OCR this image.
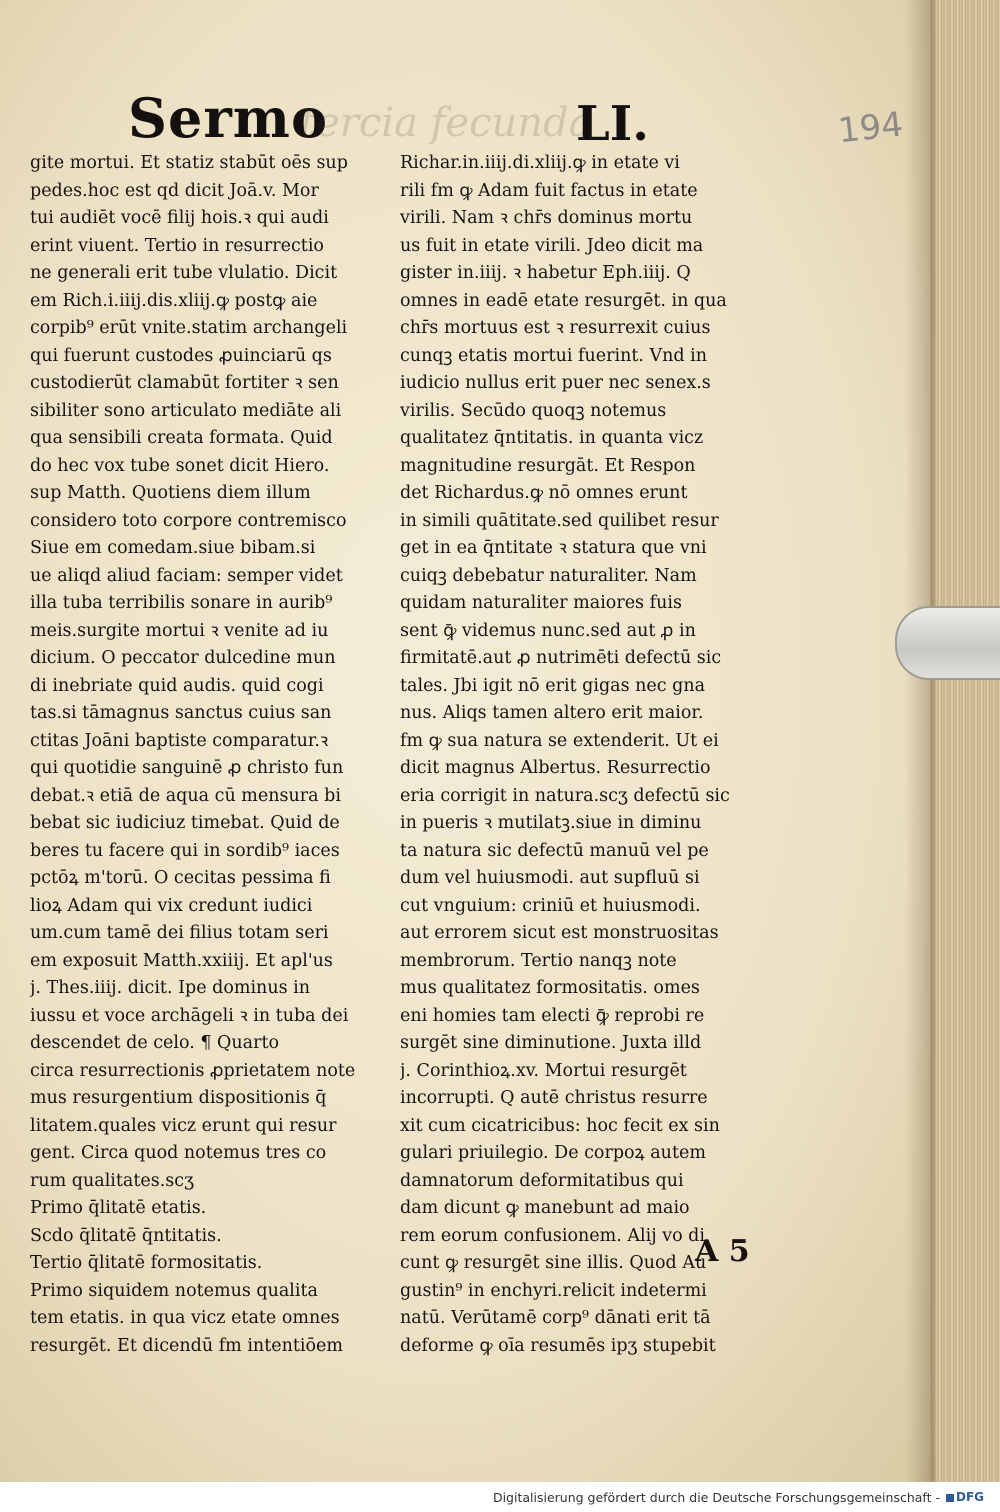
Sermo
tercia fecunda
LI.	194
gite mortui. Et statiz stabūt oēs sup
pedes.hoc est qd dicit Joā.v. Mor
tui audiēt vocē filij hois.ꝛ qui audi
erint viuent. Tertio in resurrectio
ne generali erit tube vlulatio. Dicit
em Rich.i.iiij.dis.xliij.ꝙ postꝙ aie
corpib⁹ erūt vnite.statim archangeli
qui fuerunt custodes ꝓuinciarū qs
custodierūt clamabūt fortiter ꝛ sen
sibiliter sono articulato mediāte ali
qua sensibili creata formata. Quid
do hec vox tube sonet dicit Hiero.
sup Matth. Quotiens diem illum
considero toto corpore contremisco
Siue em comedam.siue bibam.si
ue aliqd aliud faciam: semper videt
illa tuba terribilis sonare in aurib⁹
meis.surgite mortui ꝛ venite ad iu
dicium. O peccator dulcedine mun
di inebriate quid audis. quid cogi
tas.si tāmagnus sanctus cuius san
ctitas Joāni baptiste comparatur.ꝛ
qui quotidie sanguinē ꝓ christo fun
debat.ꝛ etiā de aqua cū mensura bi
bebat sic iudiciuz timebat. Quid de
beres tu facere qui in sordib⁹ iaces
pctōꝝ m'torū. O cecitas pessima fi
lioꝝ Adam qui vix credunt iudici
um.cum tamē dei filius totam seri
em exposuit Matth.xxiiij. Et apl'us
j. Thes.iiij. dicit. Ipe dominus in
iussu et voce archāgeli ꝛ in tuba dei
descendet de celo. ¶ Quarto
circa resurrectionis ꝓprietatem note
mus resurgentium dispositionis q̄
litatem.quales vicz erunt qui resur
gent. Circa quod notemus tres co
rum qualitates.scʒ
Primo q̄litatē etatis.
Scdo q̄litatē q̄ntitatis.
Tertio q̄litatē formositatis.
Primo siquidem notemus qualita
tem etatis. in qua vicz etate omnes
resurgēt. Et dicendū fm intentiōem
Richar.in.iiij.di.xliij.ꝙ in etate vi
rili fm ꝙ Adam fuit factus in etate
virili. Nam ꝛ chr̄s dominus mortu
us fuit in etate virili. Jdeo dicit ma
gister in.iiij. ꝛ habetur Eph.iiij. Q
omnes in eadē etate resurgēt. in qua
chr̄s mortuus est ꝛ resurrexit cuius
cunqꝫ etatis mortui fuerint. Vnd in
iudicio nullus erit puer nec senex.s
virilis. Secūdo quoqꝫ notemus
qualitatez q̄ntitatis. in quanta vicz
magnitudine resurgāt. Et Respon
det Richardus.ꝙ nō omnes erunt
in simili quātitate.sed quilibet resur
get in ea q̄ntitate ꝛ statura que vni
cuiqꝫ debebatur naturaliter. Nam
quidam naturaliter maiores fuis
sent ꝙ̄ videmus nunc.sed aut ꝓ in
firmitatē.aut ꝓ nutrimēti defectū sic
tales. Jbi igit nō erit gigas nec gna
nus. Aliqs tamen altero erit maior.
fm ꝙ sua natura se extenderit. Ut ei
dicit magnus Albertus. Resurrectio
eria corrigit in natura.scʒ defectū sic
in pueris ꝛ mutilatꝫ.siue in diminu
ta natura sic defectū manuū vel pe
dum vel huiusmodi. aut supfluū si
cut vnguium: criniū et huiusmodi.
aut errorem sicut est monstruositas
membrorum. Tertio nanqꝫ note
mus qualitatez formositatis. omes
eni homies tam electi ꝙ̄ reprobi re
surgēt sine diminutione. Juxta illd
j. Corinthioꝝ.xv. Mortui resurgēt
incorrupti. Q autē christus resurre
xit cum cicatricibus: hoc fecit ex sin
gulari priuilegio. De corpoꝝ autem
damnatorum deformitatibus qui
dam dicunt ꝙ manebunt ad maio
rem eorum confusionem. Alij vo di
cunt ꝙ resurgēt sine illis. Quod Au
gustin⁹ in enchyri.relicit indetermi
natū. Verūtamē corp⁹ dānati erit tā
deforme ꝙ oīa resumēs ipʒ stupebit
A 5
Digitalisierung gefördert durch die Deutsche Forschungsgemeinschaft -	DFG
